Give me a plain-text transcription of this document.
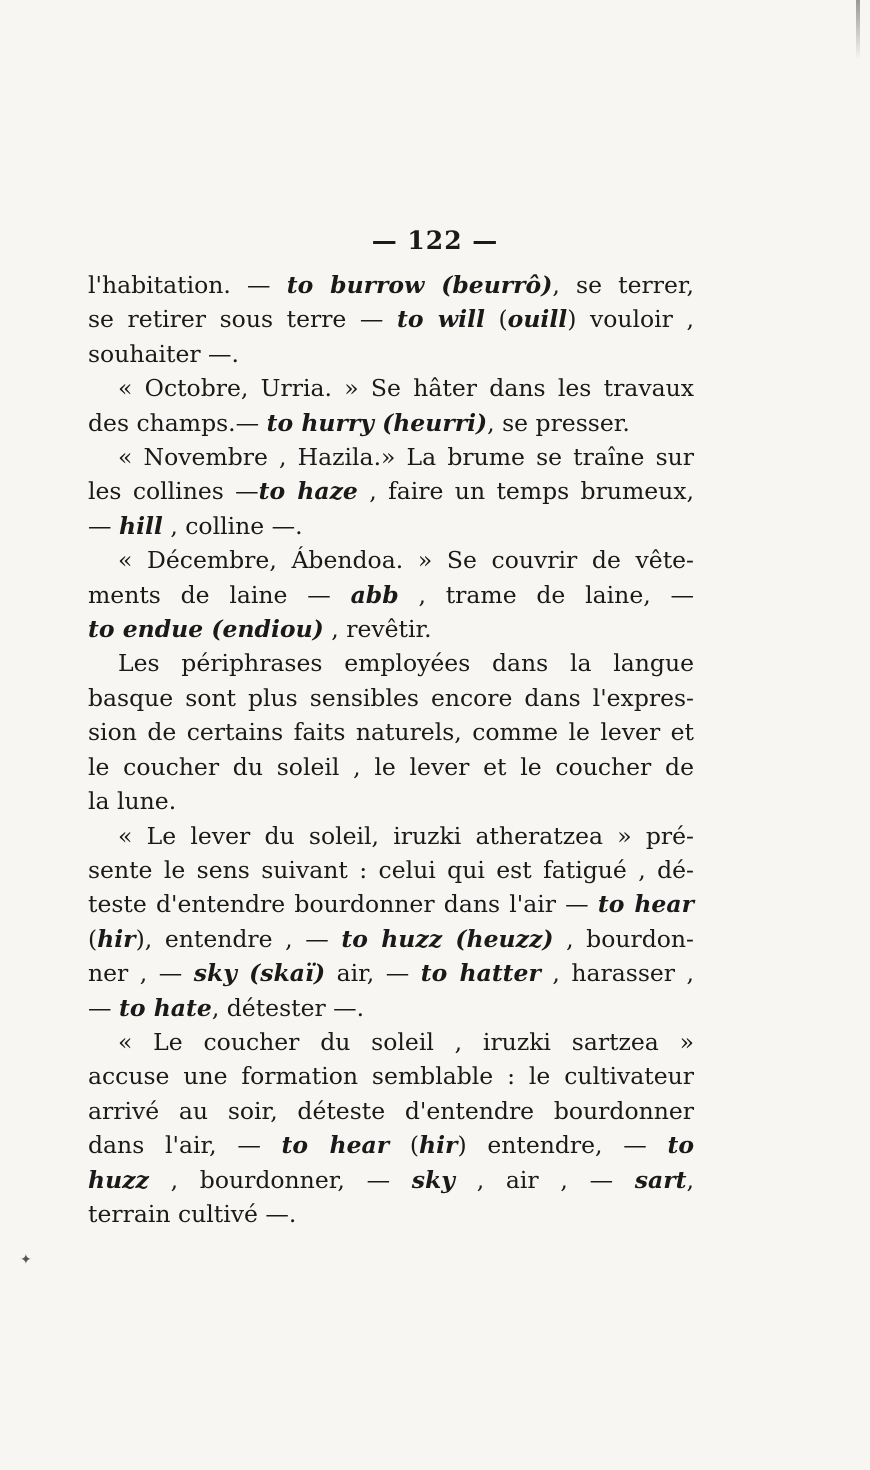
— 122 —
l'habitation. — to burrow (beurrô), se terrer,
se retirer sous terre — to will (ouill) vouloir ,
souhaiter —.
« Octobre, Urria. » Se hâter dans les travaux
des champs.— to hurry (heurri), se presser.
« Novembre , Hazila.» La brume se traîne sur
les collines —to haze , faire un temps brumeux,
— hill , colline —.
« Décembre, Ábendoa. » Se couvrir de vête-
ments de laine — abb , trame de laine, —
to endue (endiou) , revêtir.
Les périphrases employées dans la langue
basque sont plus sensibles encore dans l'expres-
sion de certains faits naturels, comme le lever et
le coucher du soleil , le lever et le coucher de
la lune.
« Le lever du soleil, iruzki atheratzea » pré-
sente le sens suivant : celui qui est fatigué , dé-
teste d'entendre bourdonner dans l'air — to hear
(hir), entendre , — to huzz (heuzz) , bourdon-
ner , — sky (skaï) air, — to hatter , harasser ,
— to hate, détester —.
« Le coucher du soleil , iruzki sartzea »
accuse une formation semblable : le cultivateur
arrivé au soir, déteste d'entendre bourdonner
dans l'air, — to hear (hir) entendre, — to
huzz , bourdonner, — sky , air , — sart,
terrain cultivé —.
✦
